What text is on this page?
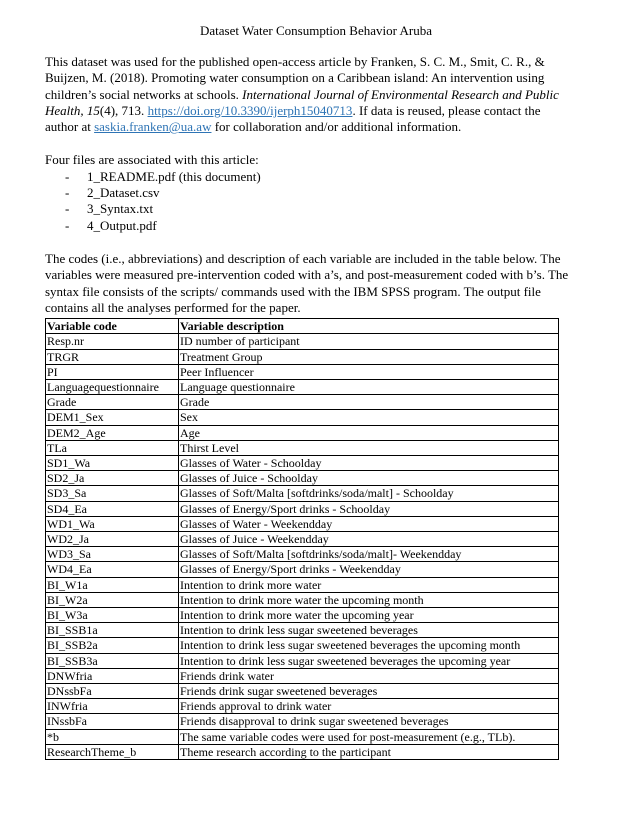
Dataset Water Consumption Behavior Aruba

This dataset was used for the published open-access article by Franken, S. C. M., Smit, C. R., & Buijzen, M. (2018). Promoting water consumption on a Caribbean island: An intervention using children’s social networks at schools. International Journal of Environmental Research and Public Health, 15(4), 713. https://doi.org/10.3390/ijerph15040713. If data is reused, please contact the author at saskia.franken@ua.aw for collaboration and/or additional information.

Four files are associated with this article:

- 1_README.pdf (this document)
- 2_Dataset.csv
- 3_Syntax.txt
- 4_Output.pdf

The codes (i.e., abbreviations) and description of each variable are included in the table below. The variables were measured pre-intervention coded with a’s, and post-measurement coded with b’s. The syntax file consists of the scripts/ commands used with the IBM SPSS program. The output file contains all the analyses performed for the paper.

Variable code	Variable description
Resp.nr	ID number of participant
TRGR	Treatment Group
PI	Peer Influencer
Languagequestionnaire	Language questionnaire
Grade	Grade
DEM1_Sex	Sex
DEM2_Age	Age
TLa	Thirst Level
SD1_Wa	Glasses of Water - Schoolday
SD2_Ja	Glasses of Juice - Schoolday
SD3_Sa	Glasses of Soft/Malta [softdrinks/soda/malt] - Schoolday
SD4_Ea	Glasses of Energy/Sport drinks - Schoolday
WD1_Wa	Glasses of Water - Weekendday
WD2_Ja	Glasses of Juice - Weekendday
WD3_Sa	Glasses of Soft/Malta [softdrinks/soda/malt]- Weekendday
WD4_Ea	Glasses of Energy/Sport drinks - Weekendday
BI_W1a	Intention to drink more water
BI_W2a	Intention to drink more water the upcoming month
BI_W3a	Intention to drink more water the upcoming year
BI_SSB1a	Intention to drink less sugar sweetened beverages
BI_SSB2a	Intention to drink less sugar sweetened beverages the upcoming month
BI_SSB3a	Intention to drink less sugar sweetened beverages the upcoming year
DNWfria	Friends drink water
DNssbFa	Friends drink sugar sweetened beverages
INWfria	Friends approval to drink water
INssbFa	Friends disapproval to drink sugar sweetened beverages
*b	The same variable codes were used for post-measurement (e.g., TLb).
ResearchTheme_b	Theme research according to the participant
